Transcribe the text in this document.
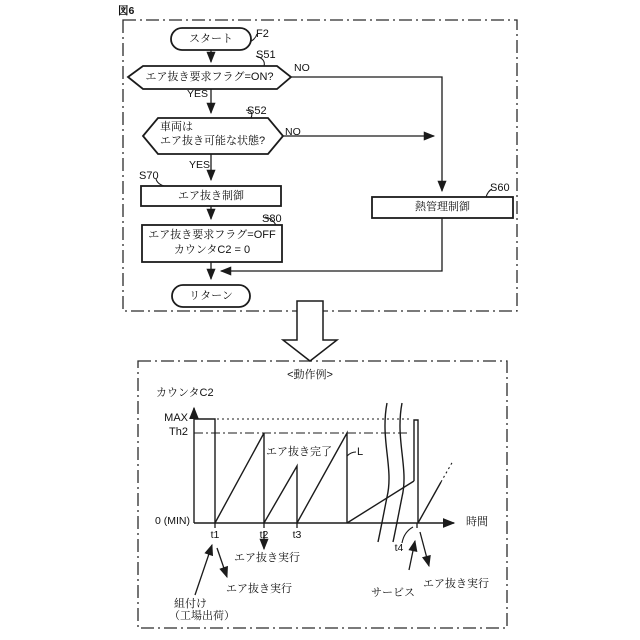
図6
スタート	F2
S51
エア抜き要求フラグ=ON?
NO
YES
S52
車両は
エア抜き可能な状態?
NO
YES
S70
エア抜き制御
S80
エア抜き要求フラグ=OFF
カウンタC2 = 0
S60
熱管理制御
リターン
<動作例>
カウンタC2
MAX
Th2
0 (MIN)	時間
t1	t2 t3
t4
エア抜き完了 L
エア抜き実行
エア抜き実行
組付け
（工場出荷）
サービス
エア抜き実行
